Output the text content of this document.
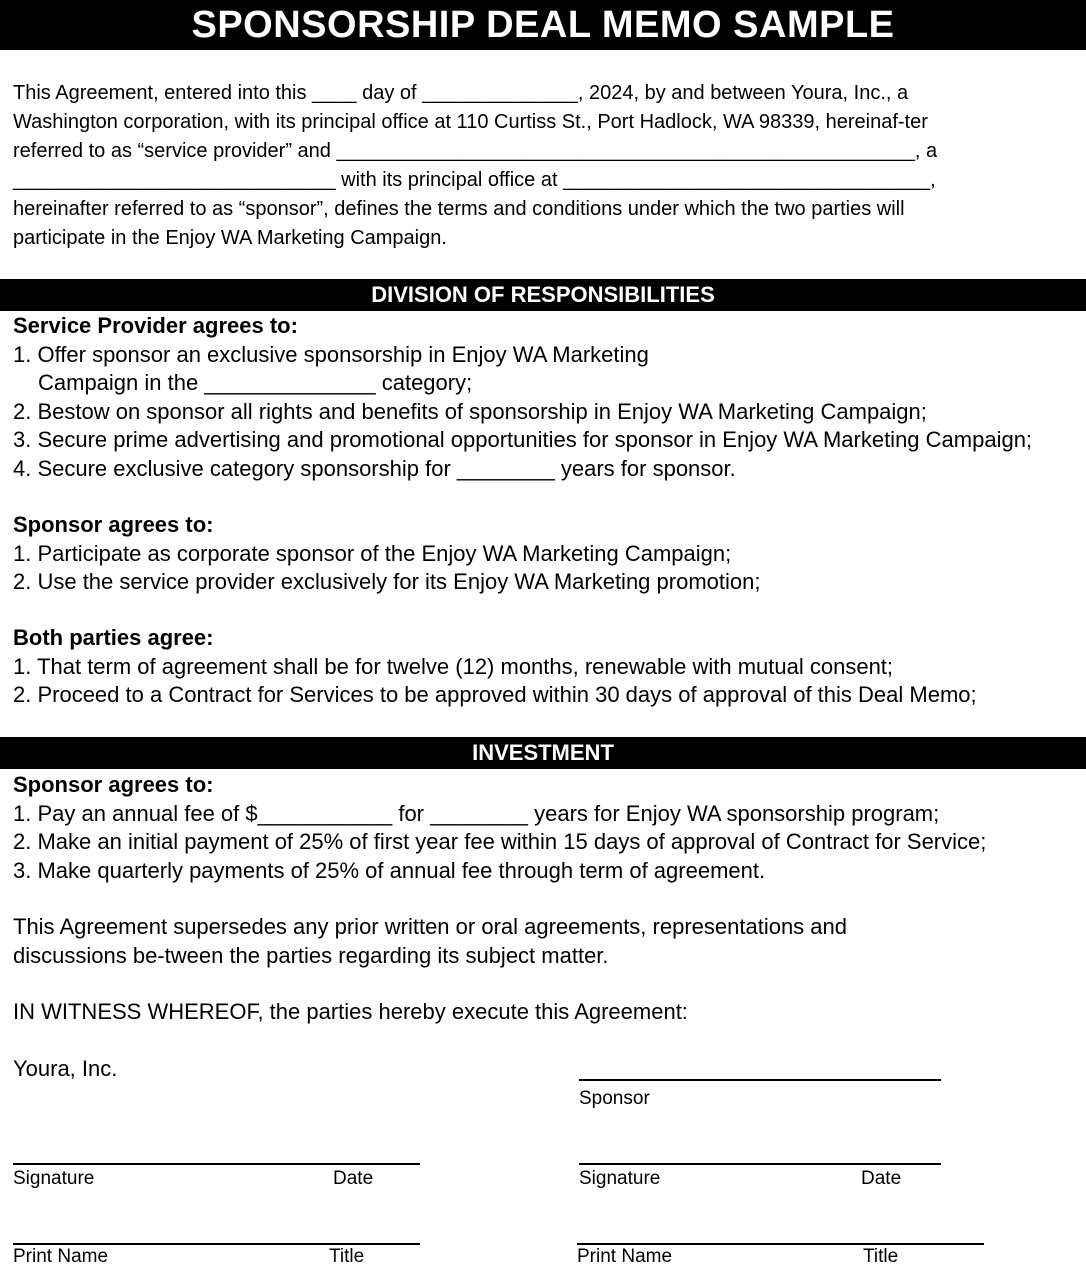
SPONSORSHIP DEAL MEMO SAMPLE
This Agreement, entered into this ____ day of ______________, 2024, by and between Youra, Inc., a
Washington corporation, with its principal office at 110 Curtiss St., Port Hadlock, WA 98339, hereinaf-ter
referred to as “service provider” and ____________________________________________________, a
_____________________________ with its principal office at _________________________________,
hereinafter referred to as “sponsor”, defines the terms and conditions under which the two parties will
participate in the Enjoy WA Marketing Campaign.
DIVISION OF RESPONSIBILITIES
Service Provider agrees to:
1. Offer sponsor an exclusive sponsorship in Enjoy WA Marketing
Campaign in the ______________ category;
2. Bestow on sponsor all rights and benefits of sponsorship in Enjoy WA Marketing Campaign;
3. Secure prime advertising and promotional opportunities for sponsor in Enjoy WA Marketing Campaign;
4. Secure exclusive category sponsorship for ________ years for sponsor.
Sponsor agrees to:
1. Participate as corporate sponsor of the Enjoy WA Marketing Campaign;
2. Use the service provider exclusively for its Enjoy WA Marketing promotion;
Both parties agree:
1. That term of agreement shall be for twelve (12) months, renewable with mutual consent;
2. Proceed to a Contract for Services to be approved within 30 days of approval of this Deal Memo;
INVESTMENT
Sponsor agrees to:
1. Pay an annual fee of $___________ for ________ years for Enjoy WA sponsorship program;
2. Make an initial payment of 25% of first year fee within 15 days of approval of Contract for Service;
3. Make quarterly payments of 25% of annual fee through term of agreement.
This Agreement supersedes any prior written or oral agreements, representations and
discussions be-tween the parties regarding its subject matter.
IN WITNESS WHEREOF, the parties hereby execute this Agreement:
Youra, Inc.
Sponsor
Signature	Date	Signature	Date
Print Name	Title	Print Name	Title
